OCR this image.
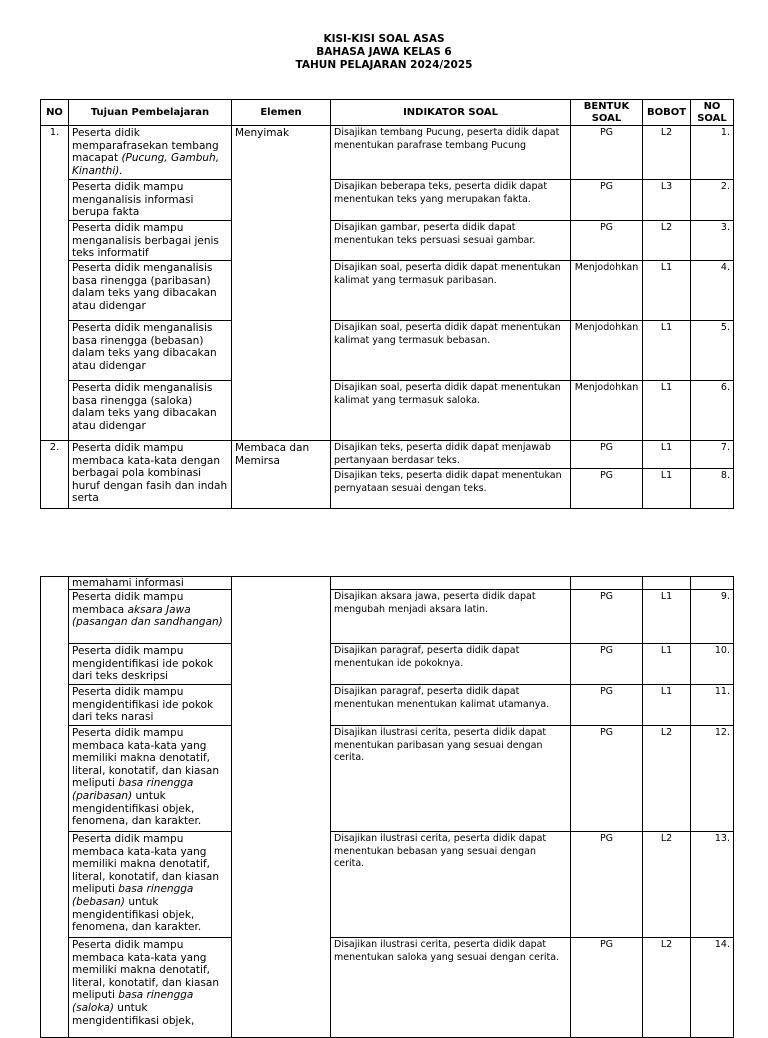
KISI-KISI SOAL ASAS
BAHASA JAWA KELAS 6
TAHUN PELAJARAN 2024/2025
NO	Tujuan Pembelajaran	Elemen	INDIKATOR SOAL	BENTUK SOAL	BOBOT	NO SOAL
1.	Peserta didik memparafrasekan tembang macapat (Pucung, Gambuh, Kinanthi).	Menyimak	Disajikan tembang Pucung, peserta didik dapat menentukan parafrase tembang Pucung	PG	L2	1.
	Peserta didik mampu menganalisis informasi berupa fakta		Disajikan beberapa teks, peserta didik dapat menentukan teks yang merupakan fakta.	PG	L3	2.
	Peserta didik mampu menganalisis berbagai jenis teks informatif		Disajikan gambar, peserta didik dapat menentukan teks persuasi sesuai gambar.	PG	L2	3.
	Peserta didik menganalisis basa rinengga (paribasan) dalam teks yang dibacakan atau didengar		Disajikan soal, peserta didik dapat menentukan kalimat yang termasuk paribasan.	Menjodohkan	L1	4.
	Peserta didik menganalisis basa rinengga (bebasan) dalam teks yang dibacakan atau didengar		Disajikan soal, peserta didik dapat menentukan kalimat yang termasuk bebasan.	Menjodohkan	L1	5.
	Peserta didik menganalisis basa rinengga (saloka) dalam teks yang dibacakan atau didengar		Disajikan soal, peserta didik dapat menentukan kalimat yang termasuk saloka.	Menjodohkan	L1	6.
2.	Peserta didik mampu membaca kata-kata dengan berbagai pola kombinasi huruf dengan fasih dan indah serta	Membaca dan Memirsa	Disajikan teks, peserta didik dapat menjawab pertanyaan berdasar teks.	PG	L1	7.
			Disajikan teks, peserta didik dapat menentukan pernyataan sesuai dengan teks.	PG	L1	8.
	memahami informasi					
	Peserta didik mampu membaca aksara Jawa (pasangan dan sandhangan)		Disajikan aksara jawa, peserta didik dapat mengubah menjadi aksara latin.	PG	L1	9.
	Peserta didik mampu mengidentifikasi ide pokok dari teks deskripsi		Disajikan paragraf, peserta didik dapat menentukan ide pokoknya.	PG	L1	10.
	Peserta didik mampu mengidentifikasi ide pokok dari teks narasi		Disajikan paragraf, peserta didik dapat menentukan menentukan kalimat utamanya.	PG	L1	11.
	Peserta didik mampu membaca kata-kata yang memiliki makna denotatif, literal, konotatif, dan kiasan meliputi basa rinengga (paribasan) untuk mengidentifikasi objek, fenomena, dan karakter.		Disajikan ilustrasi cerita, peserta didik dapat menentukan paribasan yang sesuai dengan cerita.	PG	L2	12.
	Peserta didik mampu membaca kata-kata yang memiliki makna denotatif, literal, konotatif, dan kiasan meliputi basa rinengga (bebasan) untuk mengidentifikasi objek, fenomena, dan karakter.		Disajikan ilustrasi cerita, peserta didik dapat menentukan bebasan yang sesuai dengan cerita.	PG	L2	13.
	Peserta didik mampu membaca kata-kata yang memiliki makna denotatif, literal, konotatif, dan kiasan meliputi basa rinengga (saloka) untuk mengidentifikasi objek,		Disajikan ilustrasi cerita, peserta didik dapat menentukan saloka yang sesuai dengan cerita.	PG	L2	14.
